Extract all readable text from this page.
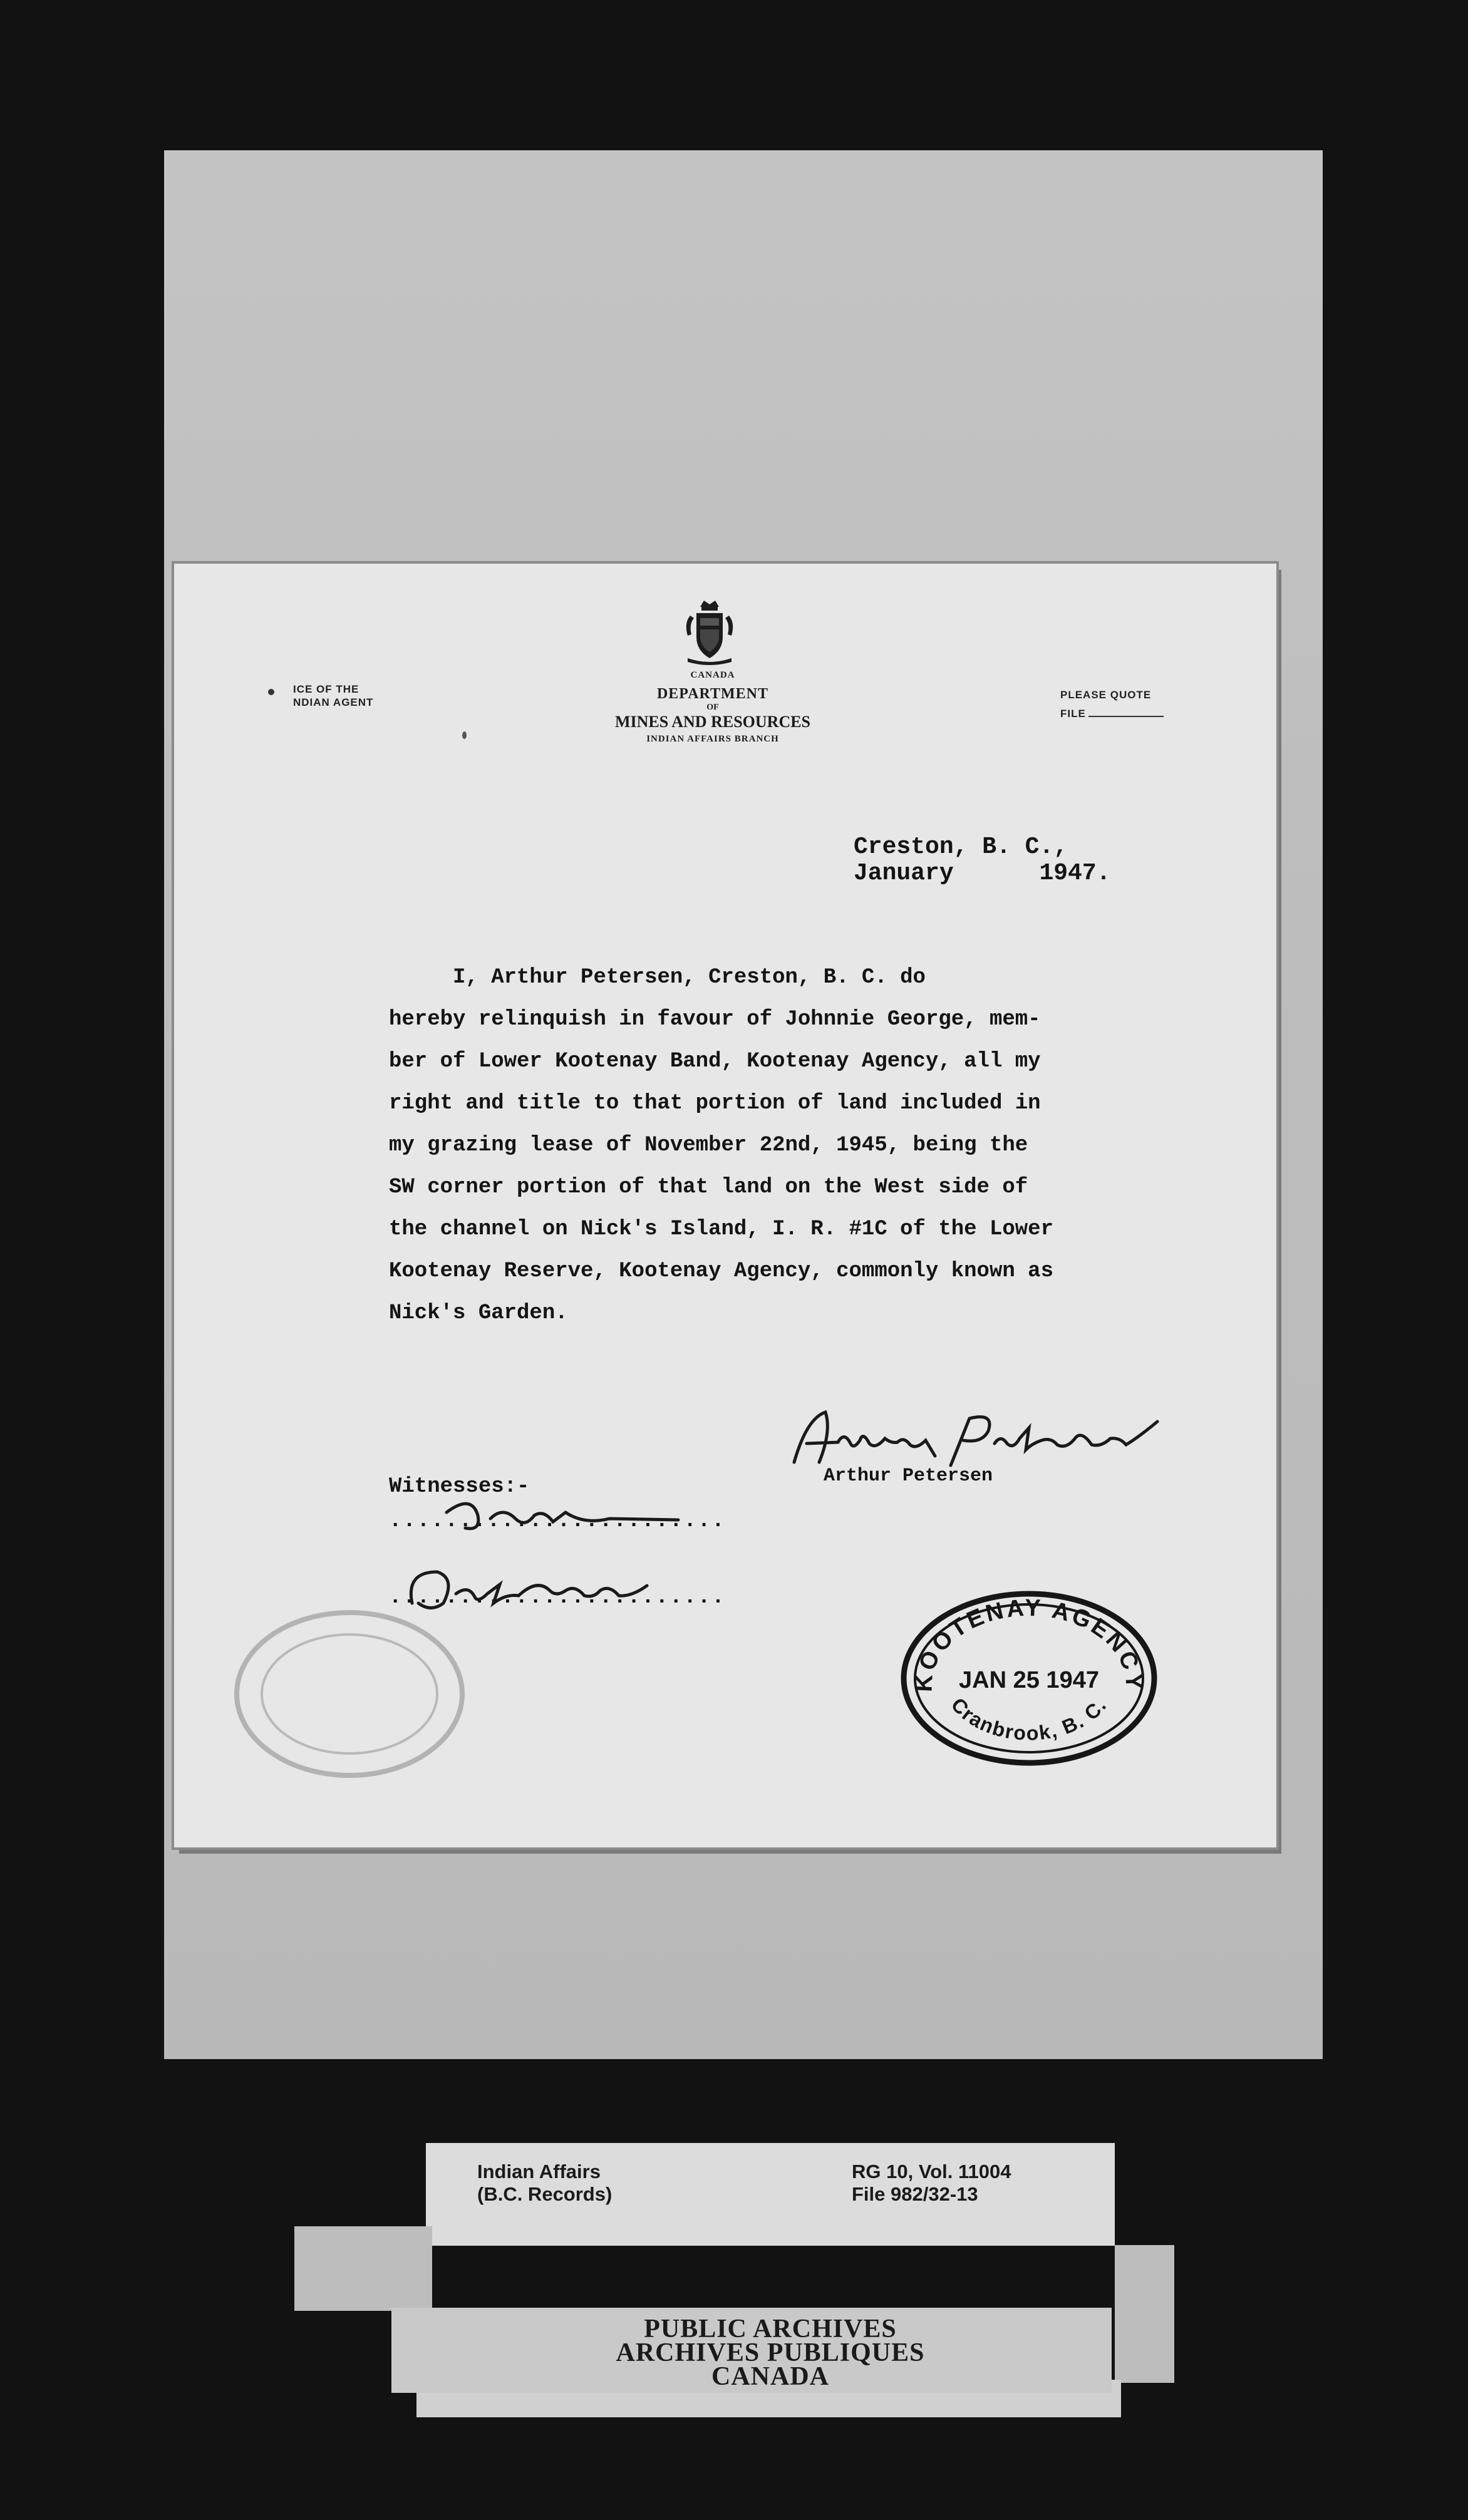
ICE OF THE
NDIAN AGENT
CANADA
DEPARTMENT
OF
MINES AND RESOURCES
INDIAN AFFAIRS BRANCH
PLEASE QUOTE
FILE
Creston, B. C.,
January      1947.
I, Arthur Petersen, Creston, B. C. do
hereby relinquish in favour of Johnnie George, mem-
ber of Lower Kootenay Band, Kootenay Agency, all my
right and title to that portion of land included in
my grazing lease of November 22nd, 1945, being the
SW corner portion of that land on the West side of
the channel on Nick's Island, I. R. #1C of the Lower
Kootenay Reserve, Kootenay Agency, commonly known as
Nick's Garden.
Arthur Petersen
Witnesses:-
........................
........................
KOOTENAY AGENCY
JAN 25 1947
Cranbrook, B. C.
Indian Affairs
(B.C. Records)
RG 10, Vol. 11004
File 982/32-13
PUBLIC ARCHIVES
ARCHIVES PUBLIQUES
CANADA
